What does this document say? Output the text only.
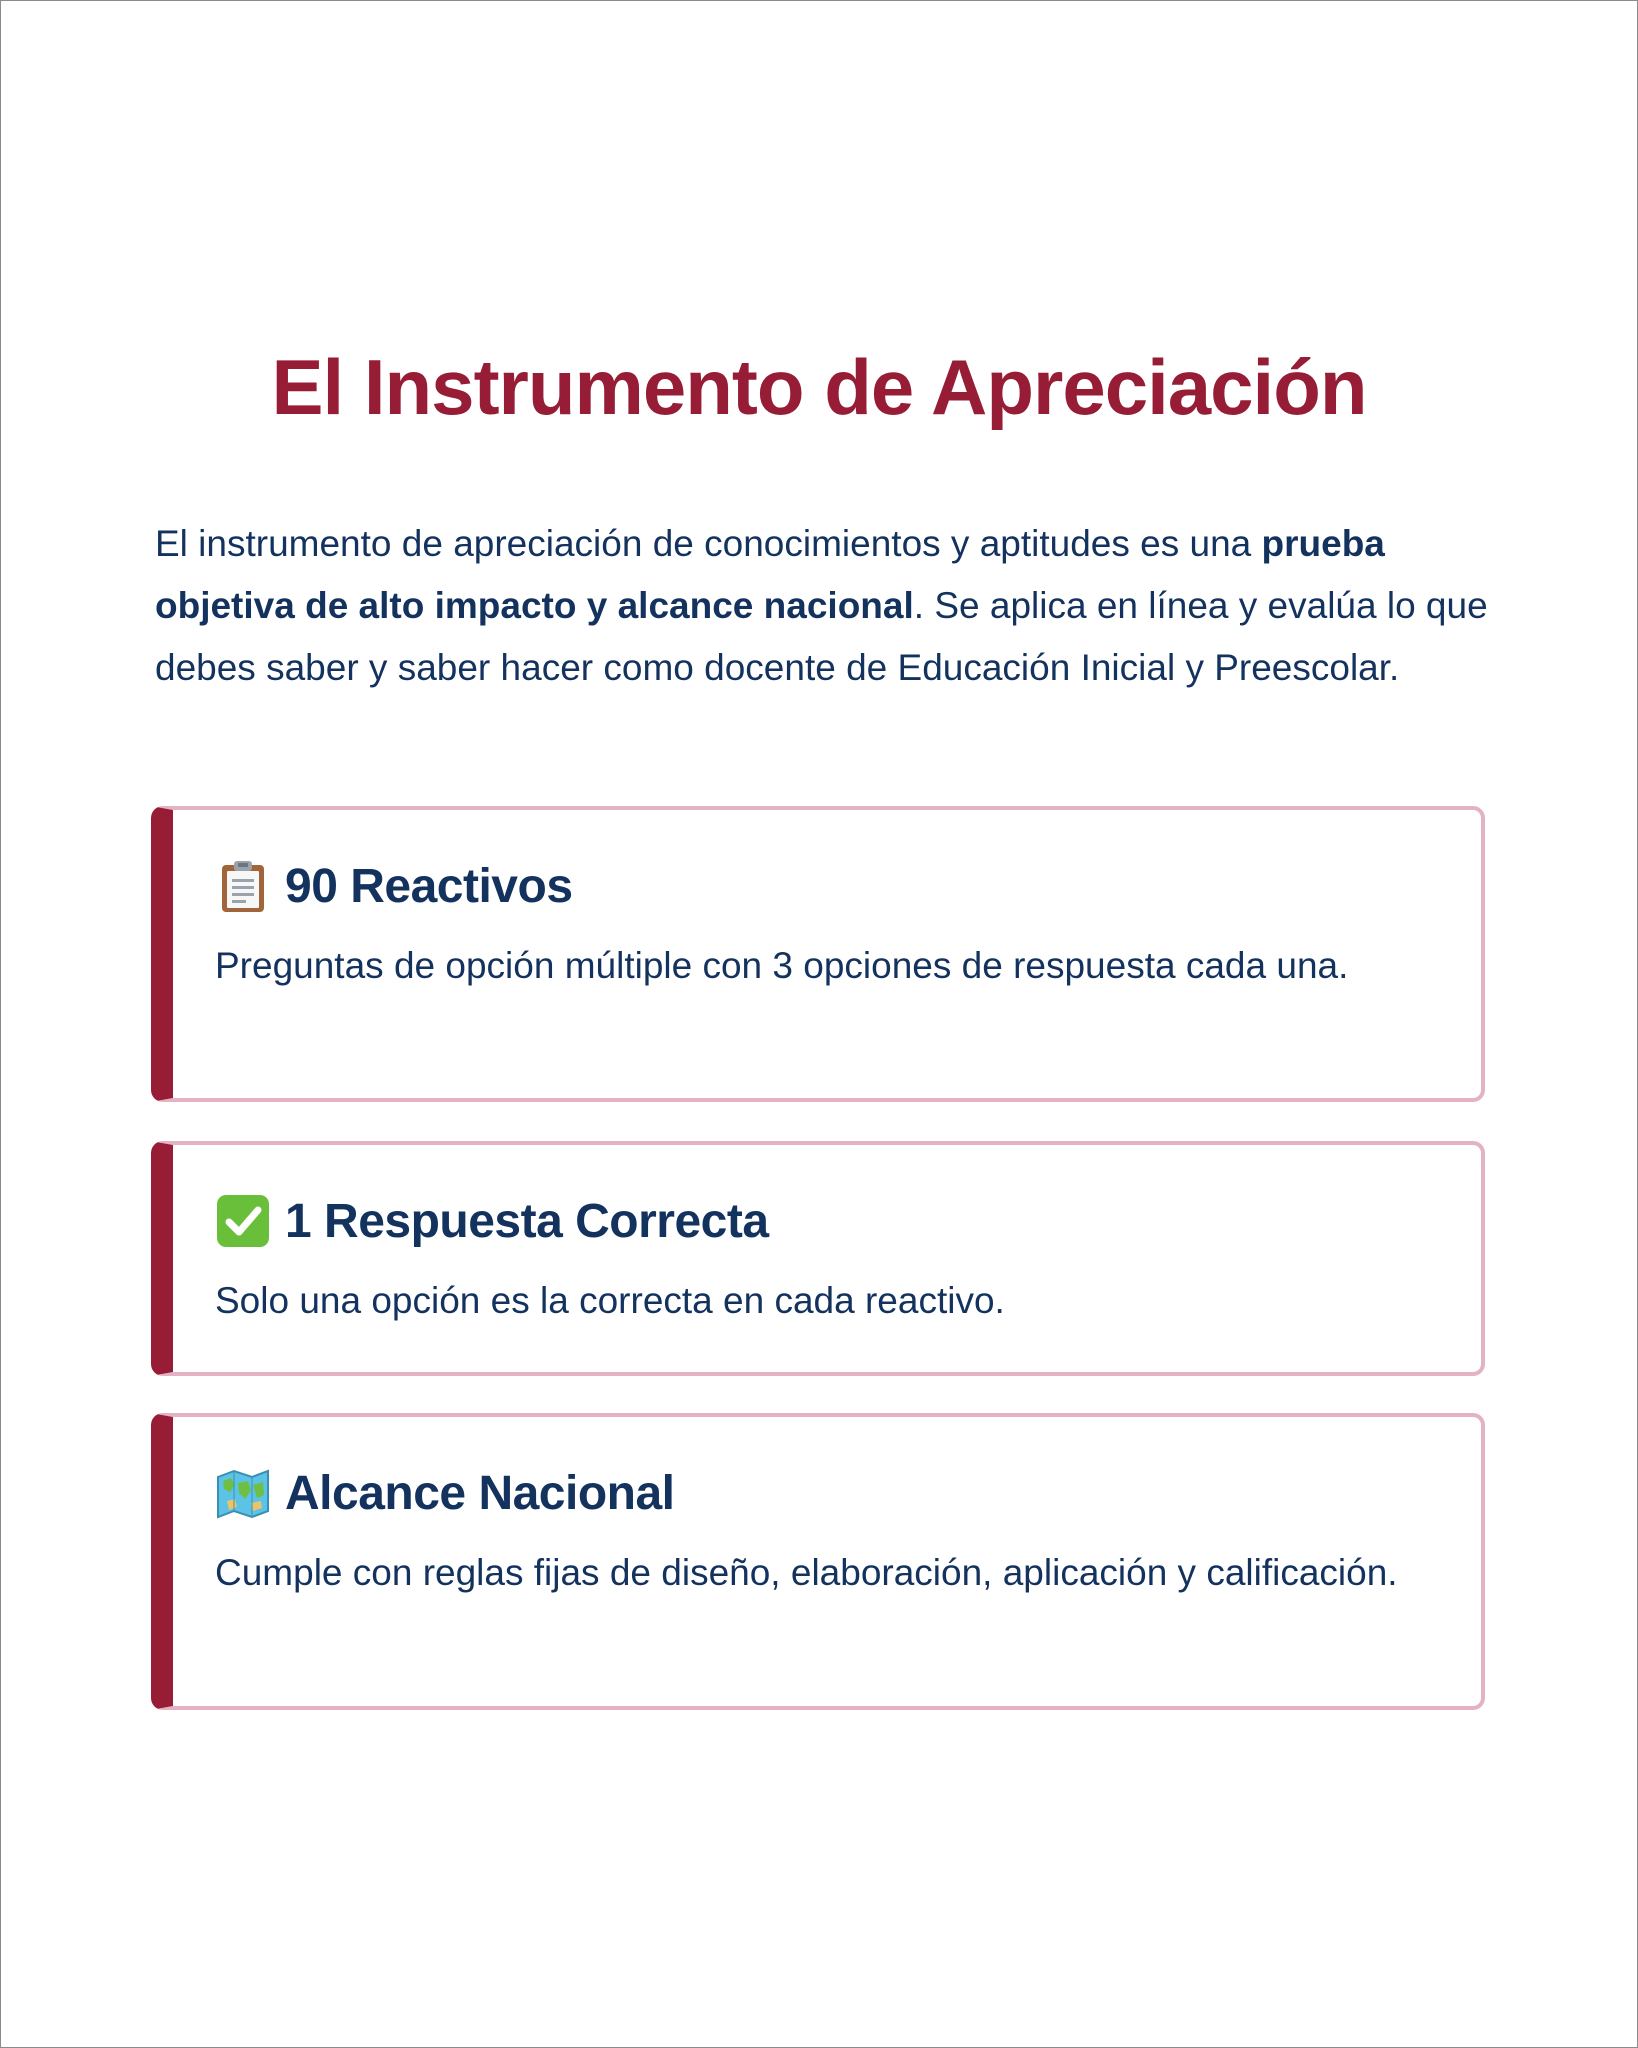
El Instrumento de Apreciación

El instrumento de apreciación de conocimientos y aptitudes es una prueba objetiva de alto impacto y alcance nacional. Se aplica en línea y evalúa lo que debes saber y saber hacer como docente de Educación Inicial y Preescolar.

90 Reactivos

Preguntas de opción múltiple con 3 opciones de respuesta cada una.

1 Respuesta Correcta

Solo una opción es la correcta en cada reactivo.

Alcance Nacional

Cumple con reglas fijas de diseño, elaboración, aplicación y calificación.
